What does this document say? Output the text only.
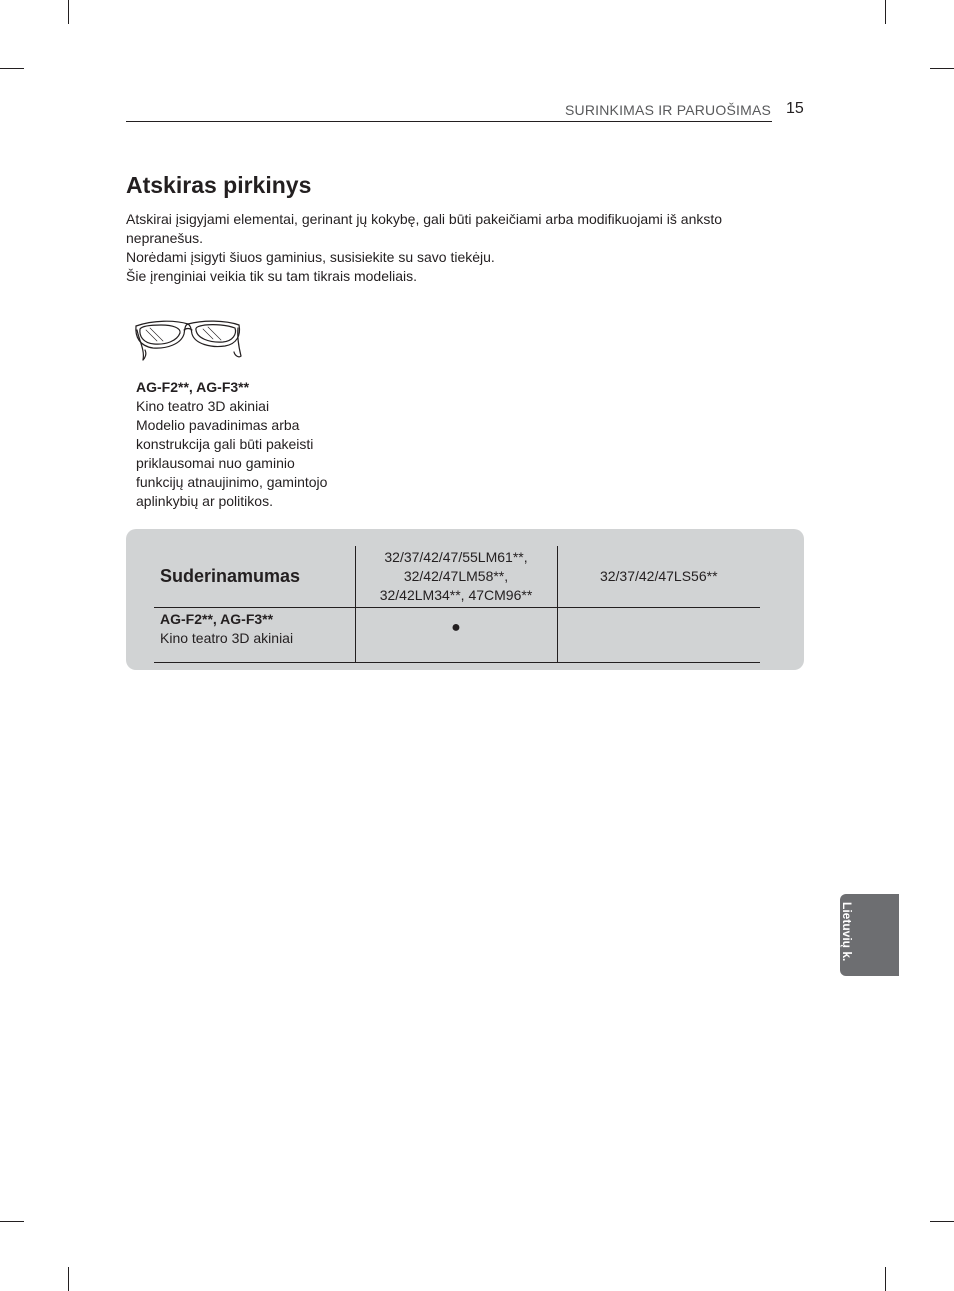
SURINKIMAS IR PARUOŠIMAS 15
Atskiras pirkinys

Atskirai įsigyjami elementai, gerinant jų kokybę, gali būti pakeičiami arba modifikuojami iš anksto nepranešus.

Norėdami įsigyti šiuos gaminius, susisiekite su savo tiekėju.

Šie įrenginiai veikia tik su tam tikrais modeliais.

AG-F2**, AG-F3**
Kino teatro 3D akiniai
Modelio pavadinimas arba
konstrukcija gali būti pakeisti
priklausomai nuo gaminio
funkcijų atnaujinimo, gamintojo
aplinkybių ar politikos.
Suderinamumas	32/37/42/47/55LM61**,
32/42/47LM58**,
32/42LM34**, 47CM96**	32/37/42/47LS56**

AG-F2**, AG-F3**
Kino teatro 3D akiniai	●	
Lietuvių k.
